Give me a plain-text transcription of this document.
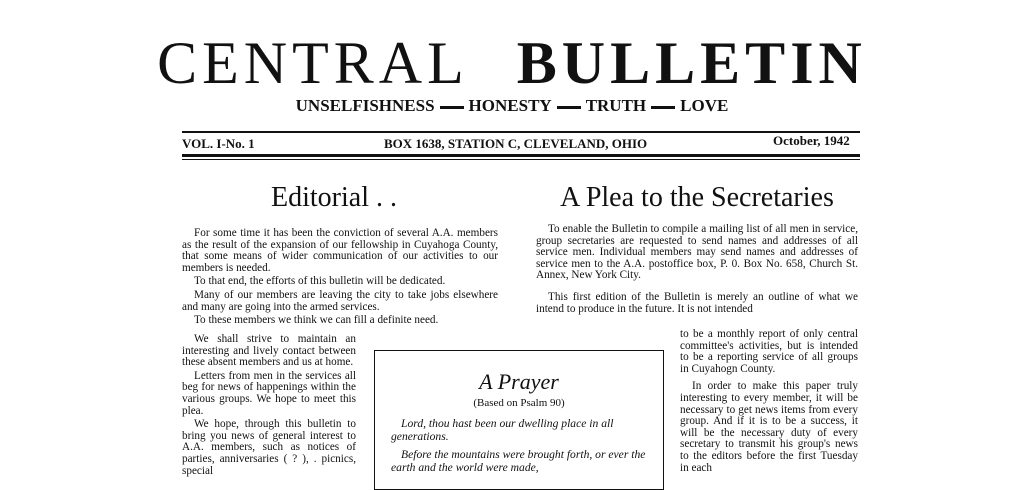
CENTRAL BULLETIN
UNSELFISHNESS HONESTY TRUTH LOVE
VOL. I-No. 1	BOX 1638, STATION C, CLEVELAND, OHIO	October, 1942
Editorial . .

For some time it has been the conviction of several A.A. members as the result of the expansion of our fellowship in Cuyahoga County, that some means of wider communication of our activities to our members is needed.

To that end, the efforts of this bulletin will be dedicated.

Many of our members are leaving the city to take jobs elsewhere and many are going into the armed services.

To these members we think we can fill a definite need.

We shall strive to maintain an interesting and lively contact between these absent members and us at home.

Letters from men in the services all beg for news of happenings within the various groups. We hope to meet this plea.

We hope, through this bulletin to bring you news of general interest to A.A. members, such as notices of parties, anniversaries ( ? ), . picnics, special

A Prayer
(Based on Psalm 90)

Lord, thou hast been our dwelling place in all generations.

Before the mountains were brought forth, or ever the earth and the world were made,

A Plea to the Secretaries

To enable the Bulletin to compile a mailing list of all men in service, group secretaries are requested to send names and addresses of all service men. Individual members may send names and addresses of service men to the A.A. postoffice box, P. 0. Box No. 658, Church St. Annex, New York City.

This first edition of the Bulletin is merely an outline of what we intend to produce in the future. It is not intended

to be a monthly report of only central committee's activities, but is intended to be a reporting service of all groups in Cuyahogn County.

In order to make this paper truly interesting to every member, it will be necessary to get news items from every group. And if it is to be a success, it will be the necessary duty of every secretary to transmit his group's news to the editors before the first Tuesday in each
